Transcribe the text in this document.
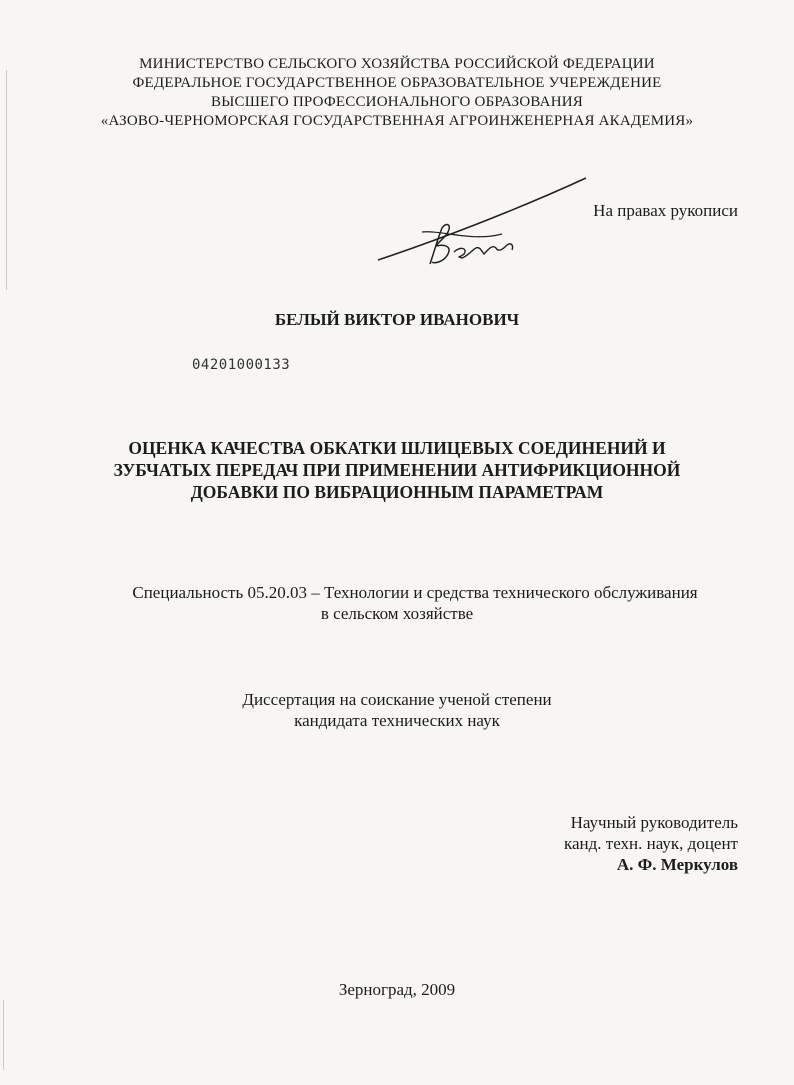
МИНИСТЕРСТВО СЕЛЬСКОГО ХОЗЯЙСТВА РОССИЙСКОЙ ФЕДЕРАЦИИ
ФЕДЕРАЛЬНОЕ ГОСУДАРСТВЕННОЕ ОБРАЗОВАТЕЛЬНОЕ УЧЕРЕЖДЕНИЕ
ВЫСШЕГО ПРОФЕССИОНАЛЬНОГО ОБРАЗОВАНИЯ
«АЗОВО-ЧЕРНОМОРСКАЯ ГОСУДАРСТВЕННАЯ АГРОИНЖЕНЕРНАЯ АКАДЕМИЯ»
На правах рукописи
БЕЛЫЙ ВИКТОР ИВАНОВИЧ
04201000133
ОЦЕНКА КАЧЕСТВА ОБКАТКИ ШЛИЦЕВЫХ СОЕДИНЕНИЙ И
ЗУБЧАТЫХ ПЕРЕДАЧ ПРИ ПРИМЕНЕНИИ АНТИФРИКЦИОННОЙ
ДОБАВКИ ПО ВИБРАЦИОННЫМ ПАРАМЕТРАМ
Специальность 05.20.03 – Технологии и средства технического обслуживания
в сельском хозяйстве
Диссертация на соискание ученой степени
кандидата технических наук
Научный руководитель
канд. техн. наук, доцент
А. Ф. Меркулов
Зерноград, 2009
